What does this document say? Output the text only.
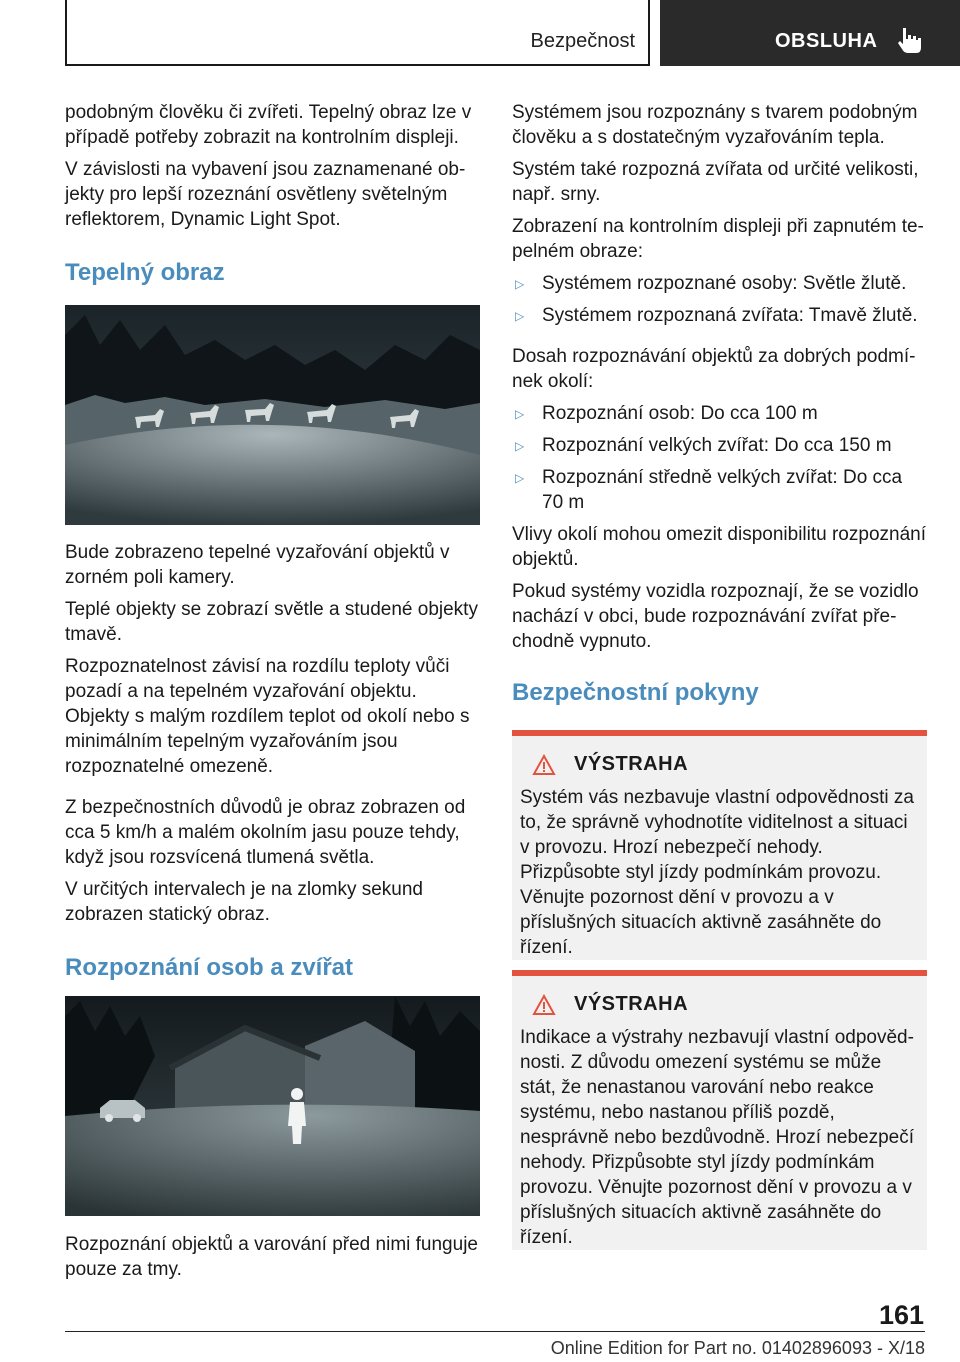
Bezpečnost	OBSLUHA

podobným člověku či zvířeti. Tepelný obraz lze v případě potřeby zobrazit na kontrolním displeji.

V závislosti na vybavení jsou zaznamenané objekty pro lepší rozeznání osvětleny světelným reflektorem, Dynamic Light Spot.

Tepelný obraz

Bude zobrazeno tepelné vyzařování objektů v zorném poli kamery.

Teplé objekty se zobrazí světle a studené objekty tmavě.

Rozpoznatelnost závisí na rozdílu teploty vůči pozadí a na tepelném vyzařování objektu. Objekty s malým rozdílem teplot od okolí nebo s minimálním tepelným vyzařováním jsou rozpoznatelné omezeně.

Z bezpečnostních důvodů je obraz zobrazen od cca 5 km/h a malém okolním jasu pouze tehdy, když jsou rozsvícená tlumená světla.

V určitých intervalech je na zlomky sekund zobrazen statický obraz.

Rozpoznání osob a zvířat

Rozpoznání objektů a varování před nimi funguje pouze za tmy.

Systémem jsou rozpoznány s tvarem podobným člověku a s dostatečným vyzařováním tepla.

Systém také rozpozná zvířata od určité velikosti, např. srny.

Zobrazení na kontrolním displeji při zapnutém tepelném obraze:

▷ Systémem rozpoznané osoby: Světle žlutě.
▷ Systémem rozpoznaná zvířata: Tmavě žlutě.

Dosah rozpoznávání objektů za dobrých podmínek okolí:

▷ Rozpoznání osob: Do cca 100 m
▷ Rozpoznání velkých zvířat: Do cca 150 m
▷ Rozpoznání středně velkých zvířat: Do cca 70 m

Vlivy okolí mohou omezit disponibilitu rozpoznání objektů.

Pokud systémy vozidla rozpoznají, že se vozidlo nachází v obci, bude rozpoznávání zvířat přechodně vypnuto.

Bezpečnostní pokyny
VÝSTRAHA
Systém vás nezbavuje vlastní odpovědnosti za to, že správně vyhodnotíte viditelnost a situaci v provozu. Hrozí nebezpečí nehody. Přizpůsobte styl jízdy podmínkám provozu. Věnujte pozornost dění v provozu a v příslušných situacích aktivně zasáhněte do řízení.
VÝSTRAHA
Indikace a výstrahy nezbavují vlastní odpovědnosti. Z důvodu omezení systému se může stát, že nenastanou varování nebo reakce systému, nebo nastanou příliš pozdě, nesprávně nebo bezdůvodně. Hrozí nebezpečí nehody. Přizpůsobte styl jízdy podmínkám provozu. Věnujte pozornost dění v provozu a v příslušných situacích aktivně zasáhněte do řízení.
161
Online Edition for Part no. 01402896093 - X/18
